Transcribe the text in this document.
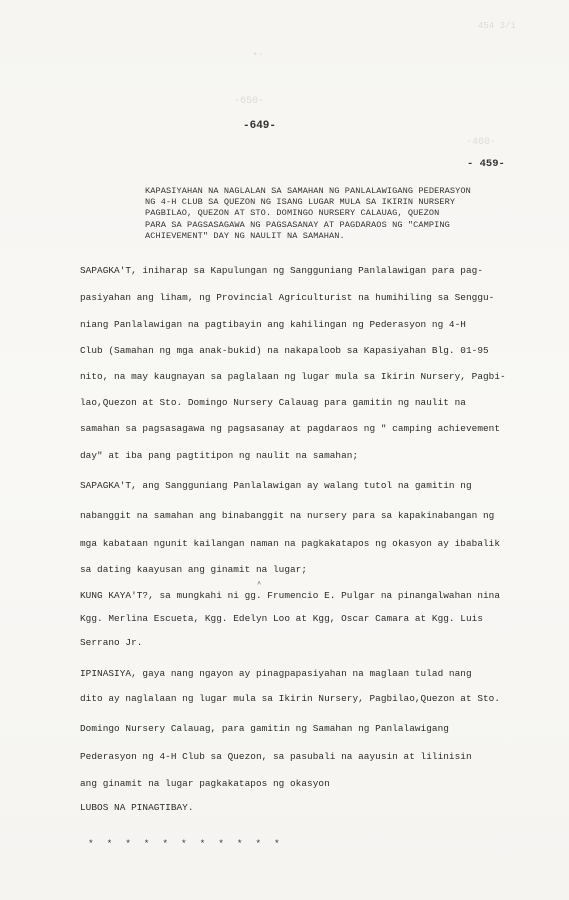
454 3/1
-650-
-460-
▪▫
-649-
- 459-
KAPASIYAHAN NA NAGLALAN SA SAMAHAN NG PANLALAWIGANG PEDERASYON
NG 4-H CLUB SA QUEZON NG ISANG LUGAR MULA SA IKIRIN NURSERY
PAGBILAO, QUEZON AT STO. DOMINGO NURSERY CALAUAG, QUEZON
PARA SA PAGSASAGAWA NG PAGSASANAY AT PAGDARAOS NG "CAMPING
ACHIEVEMENT" DAY NG NAULIT NA SAMAHAN.
SAPAGKA'T, iniharap sa Kapulungan ng Sangguniang Panlalawigan para pag-
pasiyahan ang liham, ng Provincial Agriculturist na humihiling sa Senggu-
niang Panlalawigan na pagtibayin ang kahilingan ng Pederasyon ng 4-H
Club (Samahan ng mga anak-bukid) na nakapaloob sa Kapasiyahan Blg. 01-95
nito, na may kaugnayan sa paglalaan ng lugar mula sa Ikirin Nursery, Pagbi-
lao,Quezon at Sto. Domingo Nursery Calauag para gamitin ng naulit na
samahan sa pagsasagawa ng pagsasanay at pagdaraos ng " camping achievement
day" at iba pang pagtitipon ng naulit na samahan;
SAPAGKA'T, ang Sangguniang Panlalawigan ay walang tutol na gamitin ng
nabanggit na samahan ang binabanggit na nursery para sa kapakinabangan ng
mga kabataan ngunit kailangan naman na pagkakatapos ng okasyon ay ibabalik
sa dating kaayusan ang ginamit na lugar;
^
KUNG KAYA'T?, sa mungkahi ni gg. Frumencio E. Pulgar na pinangalwahan nina
Kgg. Merlina Escueta, Kgg. Edelyn Loo at Kgg, Oscar Camara at Kgg. Luis
Serrano Jr.
IPINASIYA, gaya nang ngayon ay pinagpapasiyahan na maglaan tulad nang
dito ay naglalaan ng lugar mula sa Ikirin Nursery, Pagbilao,Quezon at Sto.
Domingo Nursery Calauag, para gamitin ng Samahan ng Panlalawigang
Pederasyon ng 4-H Club sa Quezon, sa pasubali na aayusin at lilinisin
ang ginamit na lugar pagkakatapos ng okasyon
LUBOS NA PINAGTIBAY.
* * * * * * * * * * *
